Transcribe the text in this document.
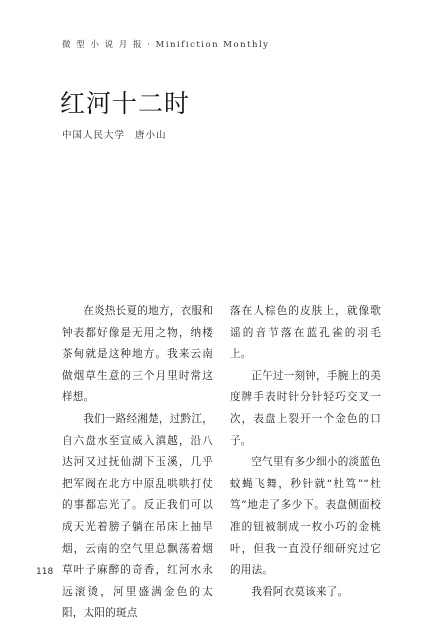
微 型 小 说 月 报 · Minifiction Monthly
红河十二时
中国人民大学 唐小山

在炎热长夏的地方，衣服和钟表都好像是无用之物，纳楼茶甸就是这种地方。我来云南做烟草生意的三个月里时常这样想。

我们一路经湘楚，过黔江，自六盘水至宣威入滇越，沿八达河又过抚仙湖下玉溪，几乎把军阀在北方中原乱哄哄打仗的事都忘光了。反正我们可以成天光着膀子躺在吊床上抽旱烟，云南的空气里总飘荡着烟草叶子麻醉的奇香，红河水永远滚烫，河里盛满金色的太阳，太阳的斑点

落在人棕色的皮肤上，就像歌谣的音节落在蓝孔雀的羽毛上。

正午过一刻钟，手腕上的美度牌手表时针分针轻巧交叉一次，表盘上裂开一个金色的口子。

空气里有多少细小的淡蓝色蚊蝇飞舞，秒针就“杜笃”“杜笃”地走了多少下。表盘侧面校准的钮被制成一枚小巧的金桃叶，但我一直没仔细研究过它的用法。

我看阿衣莫该来了。

118
